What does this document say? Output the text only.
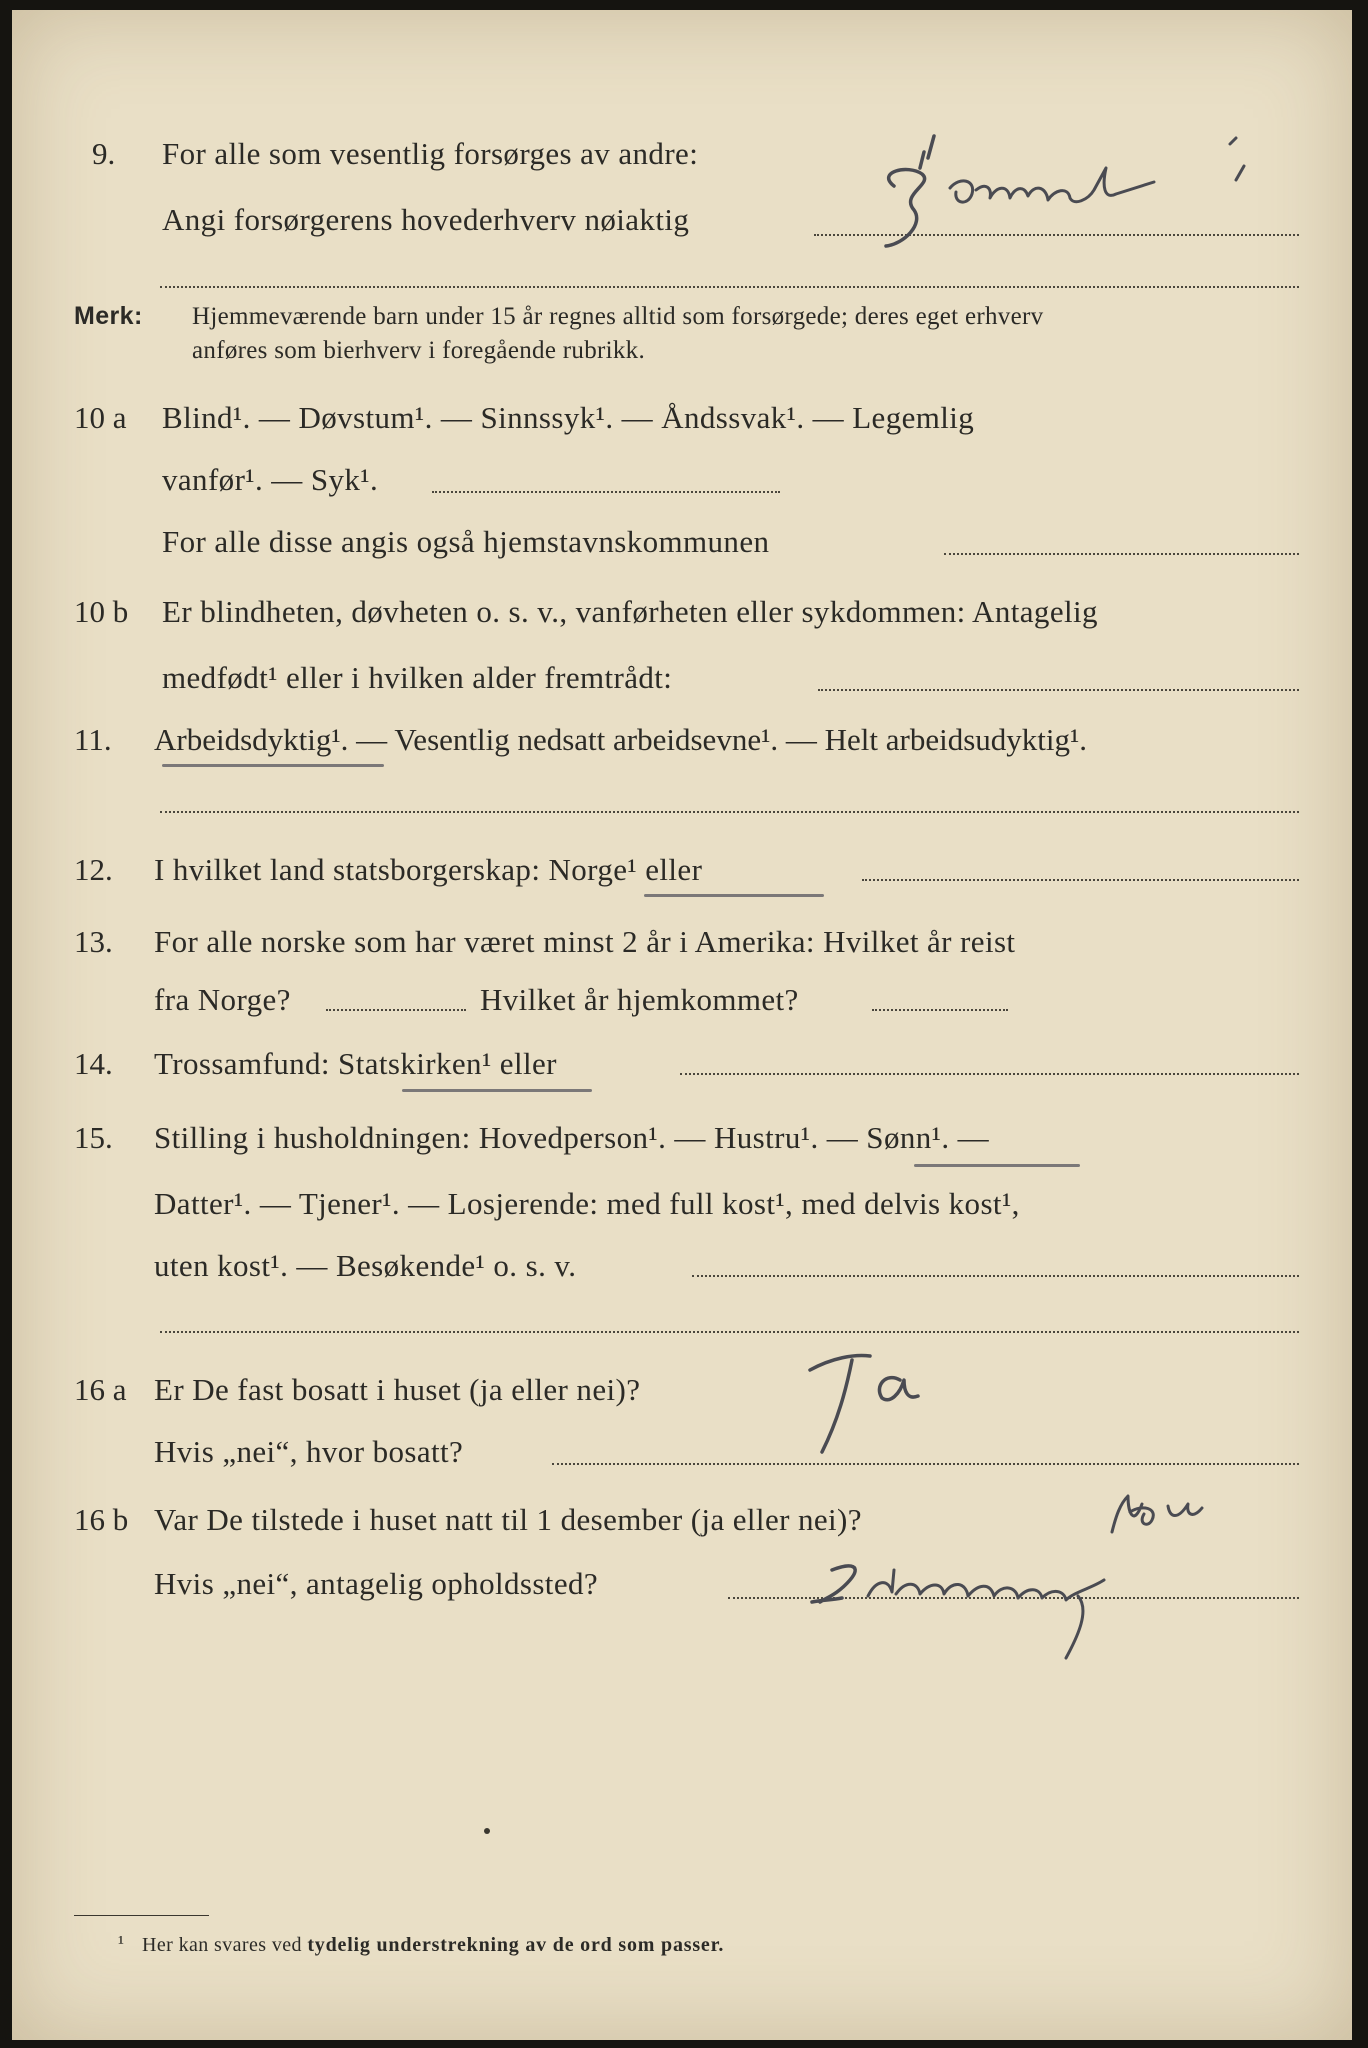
9. For alle som vesentlig forsørges av andre:
Angi forsørgerens hovederhverv nøiaktig
Merk: Hjemmeværende barn under 15 år regnes alltid som forsørgede; deres eget erhverv
anføres som bierhverv i foregående rubrikk.
10 a Blind¹. — Døvstum¹. — Sinnssyk¹. — Åndssvak¹. — Legemlig
vanfør¹. — Syk¹.
For alle disse angis også hjemstavnskommunen
10 b Er blindheten, døvheten o. s. v., vanførheten eller sykdommen: Antagelig
medfødt¹ eller i hvilken alder fremtrådt:
11. Arbeidsdyktig¹. — Vesentlig nedsatt arbeidsevne¹. — Helt arbeidsudyktig¹.
12. I hvilket land statsborgerskap: Norge¹ eller
13. For alle norske som har været minst 2 år i Amerika: Hvilket år reist
fra Norge?	Hvilket år hjemkommet?
14. Trossamfund: Statskirken¹ eller
15. Stilling i husholdningen: Hovedperson¹. — Hustru¹. — Sønn¹. —
Datter¹. — Tjener¹. — Losjerende: med full kost¹, med delvis kost¹,
uten kost¹. — Besøkende¹ o. s. v.
16 a Er De fast bosatt i huset (ja eller nei)?
Hvis „nei“, hvor bosatt?
16 b Var De tilstede i huset natt til 1 desember (ja eller nei)?
Hvis „nei“, antagelig opholdssted?
¹ Her kan svares ved tydelig understrekning av de ord som passer.
